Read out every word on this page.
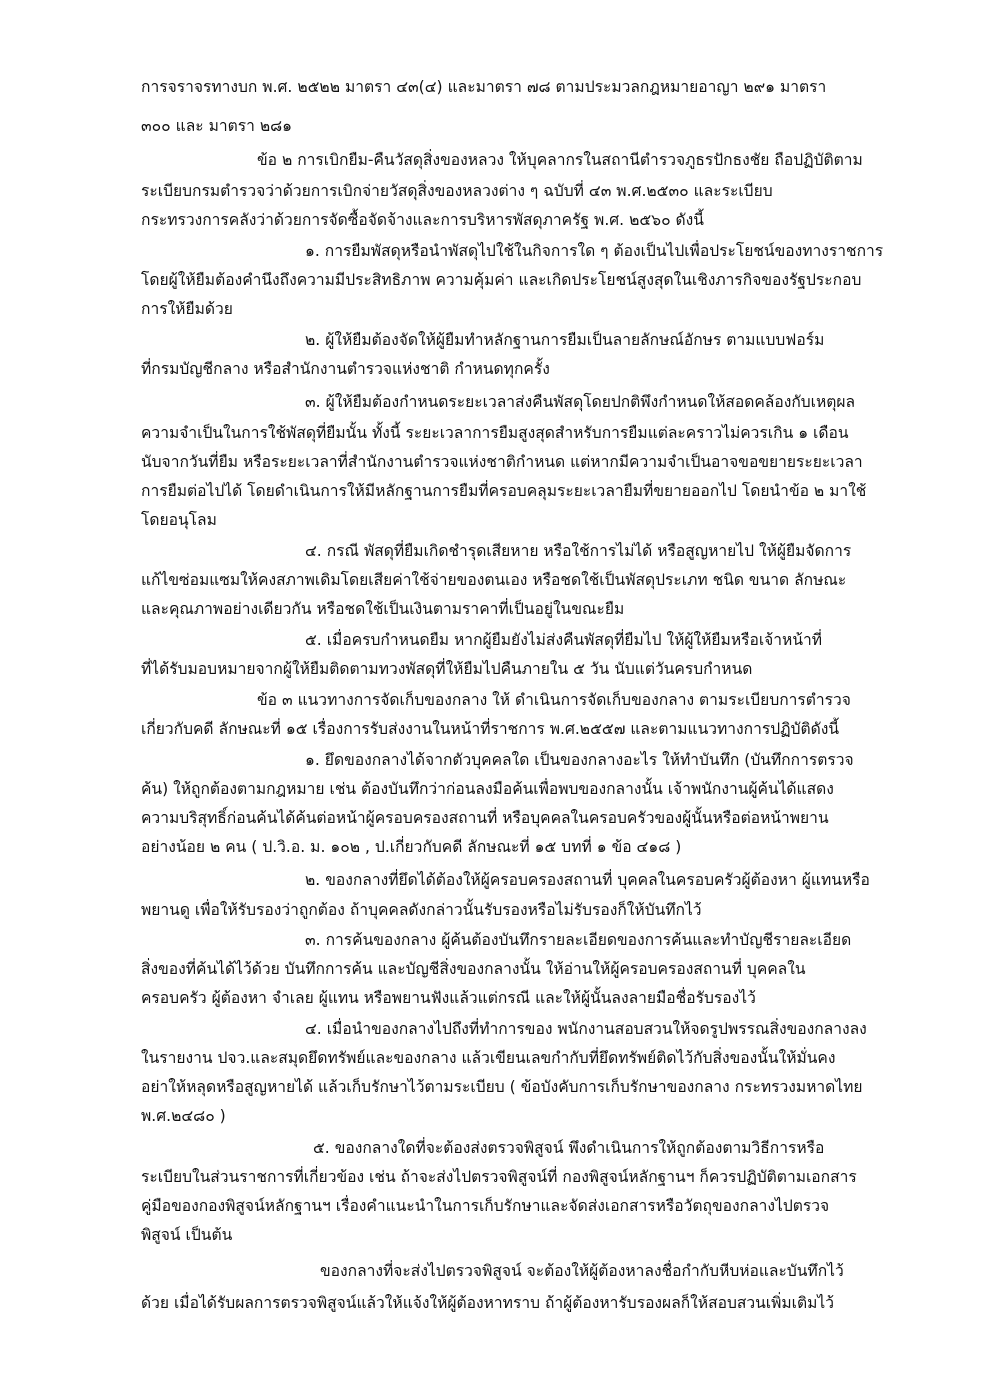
การจราจรทางบก พ.ศ. ๒๕๒๒ มาตรา ๔๓(๔) และมาตรา ๗๘ ตามประมวลกฎหมายอาญา ๒๙๑ มาตรา
๓๐๐ และ มาตรา ๒๘๑
ข้อ ๒ การเบิกยืม-คืนวัสดุสิ่งของหลวง ให้บุคลากรในสถานีตำรวจภูธรปักธงชัย ถือปฏิบัติตาม
ระเบียบกรมตำรวจว่าด้วยการเบิกจ่ายวัสดุสิ่งของหลวงต่าง ๆ ฉบับที่ ๔๓ พ.ศ.๒๕๓๐ และระเบียบ
กระทรวงการคลังว่าด้วยการจัดซื้อจัดจ้างและการบริหารพัสดุภาครัฐ พ.ศ. ๒๕๖๐ ดังนี้
๑. การยืมพัสดุหรือนำพัสดุไปใช้ในกิจการใด ๆ ต้องเป็นไปเพื่อประโยชน์ของทางราชการ
โดยผู้ให้ยืมต้องคำนึงถึงความมีประสิทธิภาพ ความคุ้มค่า และเกิดประโยชน์สูงสุดในเชิงภารกิจของรัฐประกอบ
การให้ยืมด้วย
๒. ผู้ให้ยืมต้องจัดให้ผู้ยืมทำหลักฐานการยืมเป็นลายลักษณ์อักษร ตามแบบฟอร์ม
ที่กรมบัญชีกลาง หรือสำนักงานตำรวจแห่งชาติ กำหนดทุกครั้ง
๓. ผู้ให้ยืมต้องกำหนดระยะเวลาส่งคืนพัสดุโดยปกติพึงกำหนดให้สอดคล้องกับเหตุผล
ความจำเป็นในการใช้พัสดุที่ยืมนั้น ทั้งนี้ ระยะเวลาการยืมสูงสุดสำหรับการยืมแต่ละคราวไม่ควรเกิน ๑ เดือน
นับจากวันที่ยืม หรือระยะเวลาที่สำนักงานตำรวจแห่งชาติกำหนด แต่หากมีความจำเป็นอาจขอขยายระยะเวลา
การยืมต่อไปได้ โดยดำเนินการให้มีหลักฐานการยืมที่ครอบคลุมระยะเวลายืมที่ขยายออกไป โดยนำข้อ ๒ มาใช้
โดยอนุโลม
๔. กรณี พัสดุที่ยืมเกิดชำรุดเสียหาย หรือใช้การไม่ได้ หรือสูญหายไป ให้ผู้ยืมจัดการ
แก้ไขซ่อมแซมให้คงสภาพเดิมโดยเสียค่าใช้จ่ายของตนเอง หรือชดใช้เป็นพัสดุประเภท ชนิด ขนาด ลักษณะ
และคุณภาพอย่างเดียวกัน หรือชดใช้เป็นเงินตามราคาที่เป็นอยู่ในขณะยืม
๕. เมื่อครบกำหนดยืม หากผู้ยืมยังไม่ส่งคืนพัสดุที่ยืมไป ให้ผู้ให้ยืมหรือเจ้าหน้าที่
ที่ได้รับมอบหมายจากผู้ให้ยืมติดตามทวงพัสดุที่ให้ยืมไปคืนภายใน ๕ วัน นับแต่วันครบกำหนด
ข้อ ๓ แนวทางการจัดเก็บของกลาง ให้ ดำเนินการจัดเก็บของกลาง ตามระเบียบการตำรวจ
เกี่ยวกับคดี ลักษณะที่ ๑๕ เรื่องการรับส่งงานในหน้าที่ราชการ พ.ศ.๒๕๕๗ และตามแนวทางการปฏิบัติดังนี้
๑. ยึดของกลางได้จากตัวบุคคลใด เป็นของกลางอะไร ให้ทำบันทึก (บันทึกการตรวจ
ค้น) ให้ถูกต้องตามกฎหมาย เช่น ต้องบันทึกว่าก่อนลงมือค้นเพื่อพบของกลางนั้น เจ้าพนักงานผู้ค้นได้แสดง
ความบริสุทธิ์ก่อนค้นได้ค้นต่อหน้าผู้ครอบครองสถานที่ หรือบุคคลในครอบครัวของผู้นั้นหรือต่อหน้าพยาน
อย่างน้อย ๒ คน ( ป.วิ.อ. ม. ๑๐๒ , ป.เกี่ยวกับคดี ลักษณะที่ ๑๕ บทที่ ๑ ข้อ ๔๑๘ )
๒. ของกลางที่ยึดได้ต้องให้ผู้ครอบครองสถานที่ บุคคลในครอบครัวผู้ต้องหา ผู้แทนหรือ
พยานดู เพื่อให้รับรองว่าถูกต้อง ถ้าบุคคลดังกล่าวนั้นรับรองหรือไม่รับรองก็ให้บันทึกไว้
๓. การค้นของกลาง ผู้ค้นต้องบันทึกรายละเอียดของการค้นและทำบัญชีรายละเอียด
สิ่งของที่ค้นได้ไว้ด้วย บันทึกการค้น และบัญชีสิ่งของกลางนั้น ให้อ่านให้ผู้ครอบครองสถานที่ บุคคลใน
ครอบครัว ผู้ต้องหา จำเลย ผู้แทน หรือพยานฟังแล้วแต่กรณี และให้ผู้นั้นลงลายมือชื่อรับรองไว้
๔. เมื่อนำของกลางไปถึงที่ทำการของ พนักงานสอบสวนให้จดรูปพรรณสิ่งของกลางลง
ในรายงาน ปจว.และสมุดยึดทรัพย์และของกลาง แล้วเขียนเลขกำกับที่ยึดทรัพย์ติดไว้กับสิ่งของนั้นให้มั่นคง
อย่าให้หลุดหรือสูญหายได้ แล้วเก็บรักษาไว้ตามระเบียบ ( ข้อบังคับการเก็บรักษาของกลาง กระทรวงมหาดไทย
พ.ศ.๒๔๘๐ )
๕. ของกลางใดที่จะต้องส่งตรวจพิสูจน์ พึงดำเนินการให้ถูกต้องตามวิธีการหรือ
ระเบียบในส่วนราชการที่เกี่ยวข้อง เช่น ถ้าจะส่งไปตรวจพิสูจน์ที่ กองพิสูจน์หลักฐานฯ ก็ควรปฏิบัติตามเอกสาร
คู่มือของกองพิสูจน์หลักฐานฯ เรื่องคำแนะนำในการเก็บรักษาและจัดส่งเอกสารหรือวัตถุของกลางไปตรวจ
พิสูจน์ เป็นต้น
ของกลางที่จะส่งไปตรวจพิสูจน์ จะต้องให้ผู้ต้องหาลงชื่อกำกับหีบห่อและบันทึกไว้
ด้วย เมื่อได้รับผลการตรวจพิสูจน์แล้วให้แจ้งให้ผู้ต้องหาทราบ ถ้าผู้ต้องหารับรองผลก็ให้สอบสวนเพิ่มเติมไว้
